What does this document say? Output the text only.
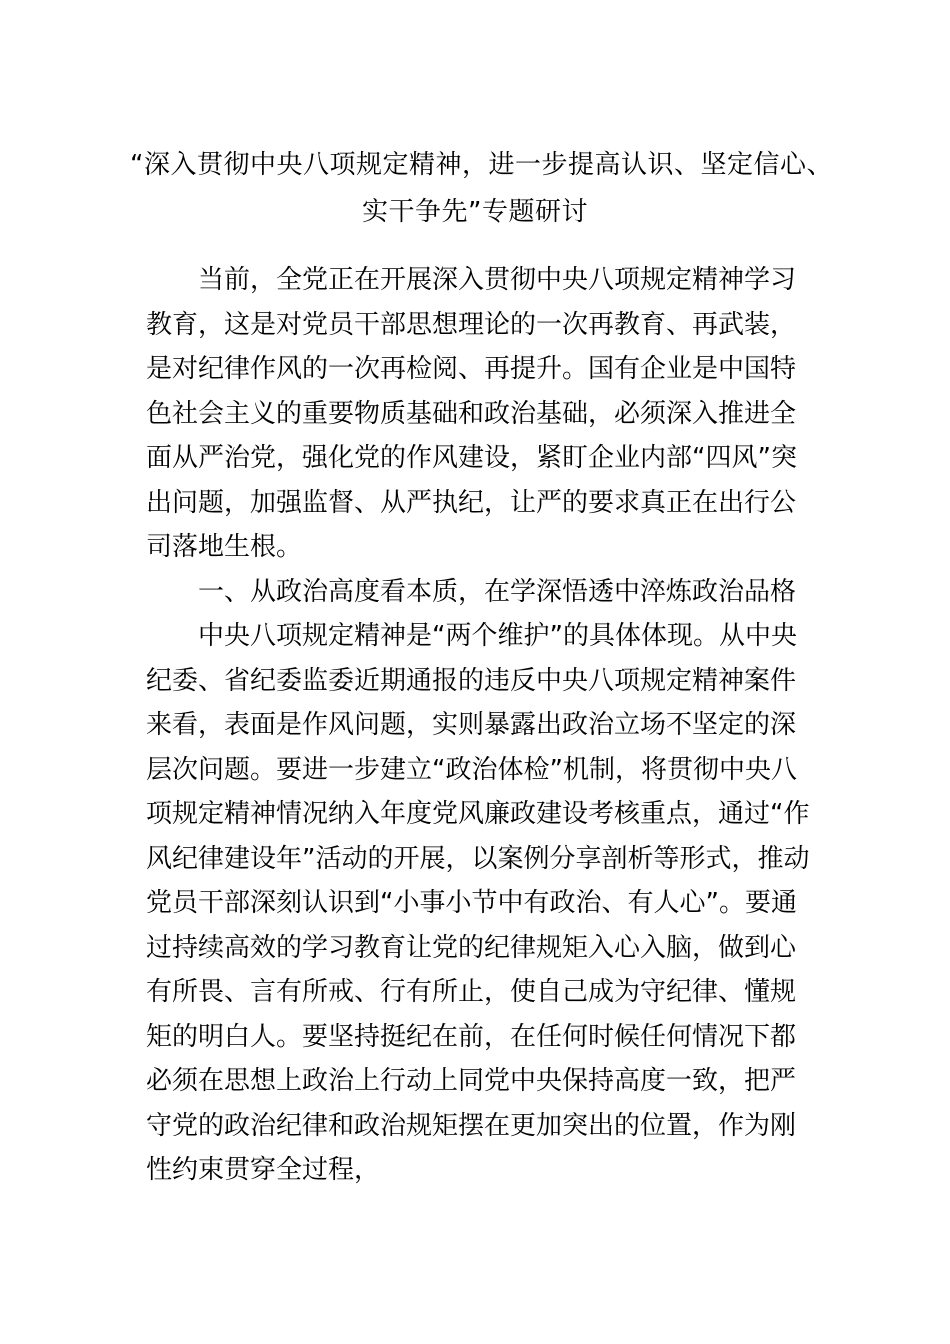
“深入贯彻中央八项规定精神，进一步提高认识、坚定信心、
实干争先”专题研讨
当前，全党正在开展深入贯彻中央八项规定精神学习
教育，这是对党员干部思想理论的一次再教育、再武装，
是对纪律作风的一次再检阅、再提升。国有企业是中国特
色社会主义的重要物质基础和政治基础，必须深入推进全
面从严治党，强化党的作风建设，紧盯企业内部“四风”突
出问题，加强监督、从严执纪，让严的要求真正在出行公
司落地生根。
一、从政治高度看本质，在学深悟透中淬炼政治品格
中央八项规定精神是“两个维护”的具体体现。从中央
纪委、省纪委监委近期通报的违反中央八项规定精神案件
来看，表面是作风问题，实则暴露出政治立场不坚定的深
层次问题。要进一步建立“政治体检”机制，将贯彻中央八
项规定精神情况纳入年度党风廉政建设考核重点，通过“作
风纪律建设年”活动的开展，以案例分享剖析等形式，推动
党员干部深刻认识到“小事小节中有政治、有人心”。要通
过持续高效的学习教育让党的纪律规矩入心入脑，做到心
有所畏、言有所戒、行有所止，使自己成为守纪律、懂规
矩的明白人。要坚持挺纪在前，在任何时候任何情况下都
必须在思想上政治上行动上同党中央保持高度一致，把严
守党的政治纪律和政治规矩摆在更加突出的位置，作为刚
性约束贯穿全过程，
